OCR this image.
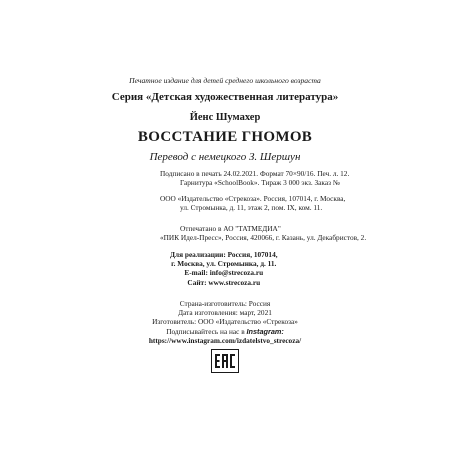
Печатное издание для детей среднего школьного возраста
Серия «Детская художественная литература»
Йенс Шумахер
ВОССТАНИЕ ГНОМОВ
Перевод с немецкого З. Шершун
Подписано в печать 24.02.2021. Формат 70×90/16. Печ. л. 12.
Гарнитура «SchoolBook». Тираж 3 000 экз. Заказ №
ООО «Издательство «Стрекоза». Россия, 107014, г. Москва,
ул. Стромынка, д. 11, этаж 2, пом. IX, ком. 11.
Отпечатано в АО "ТАТМЕДИА"
«ПИК Идел-Пресс», Россия, 420066, г. Казань, ул. Декабристов, 2.
Для реализации: Россия, 107014,
г. Москва, ул. Стромынка, д. 11.
E-mail: info@strecoza.ru
Сайт: www.strecoza.ru
Страна-изготовитель: Россия
Дата изготовления: март, 2021
Изготовитель: ООО «Издательство «Стрекоза»
Подписывайтесь на нас в Instagram:
https://www.instagram.com/izdatelstvo_strecoza/
